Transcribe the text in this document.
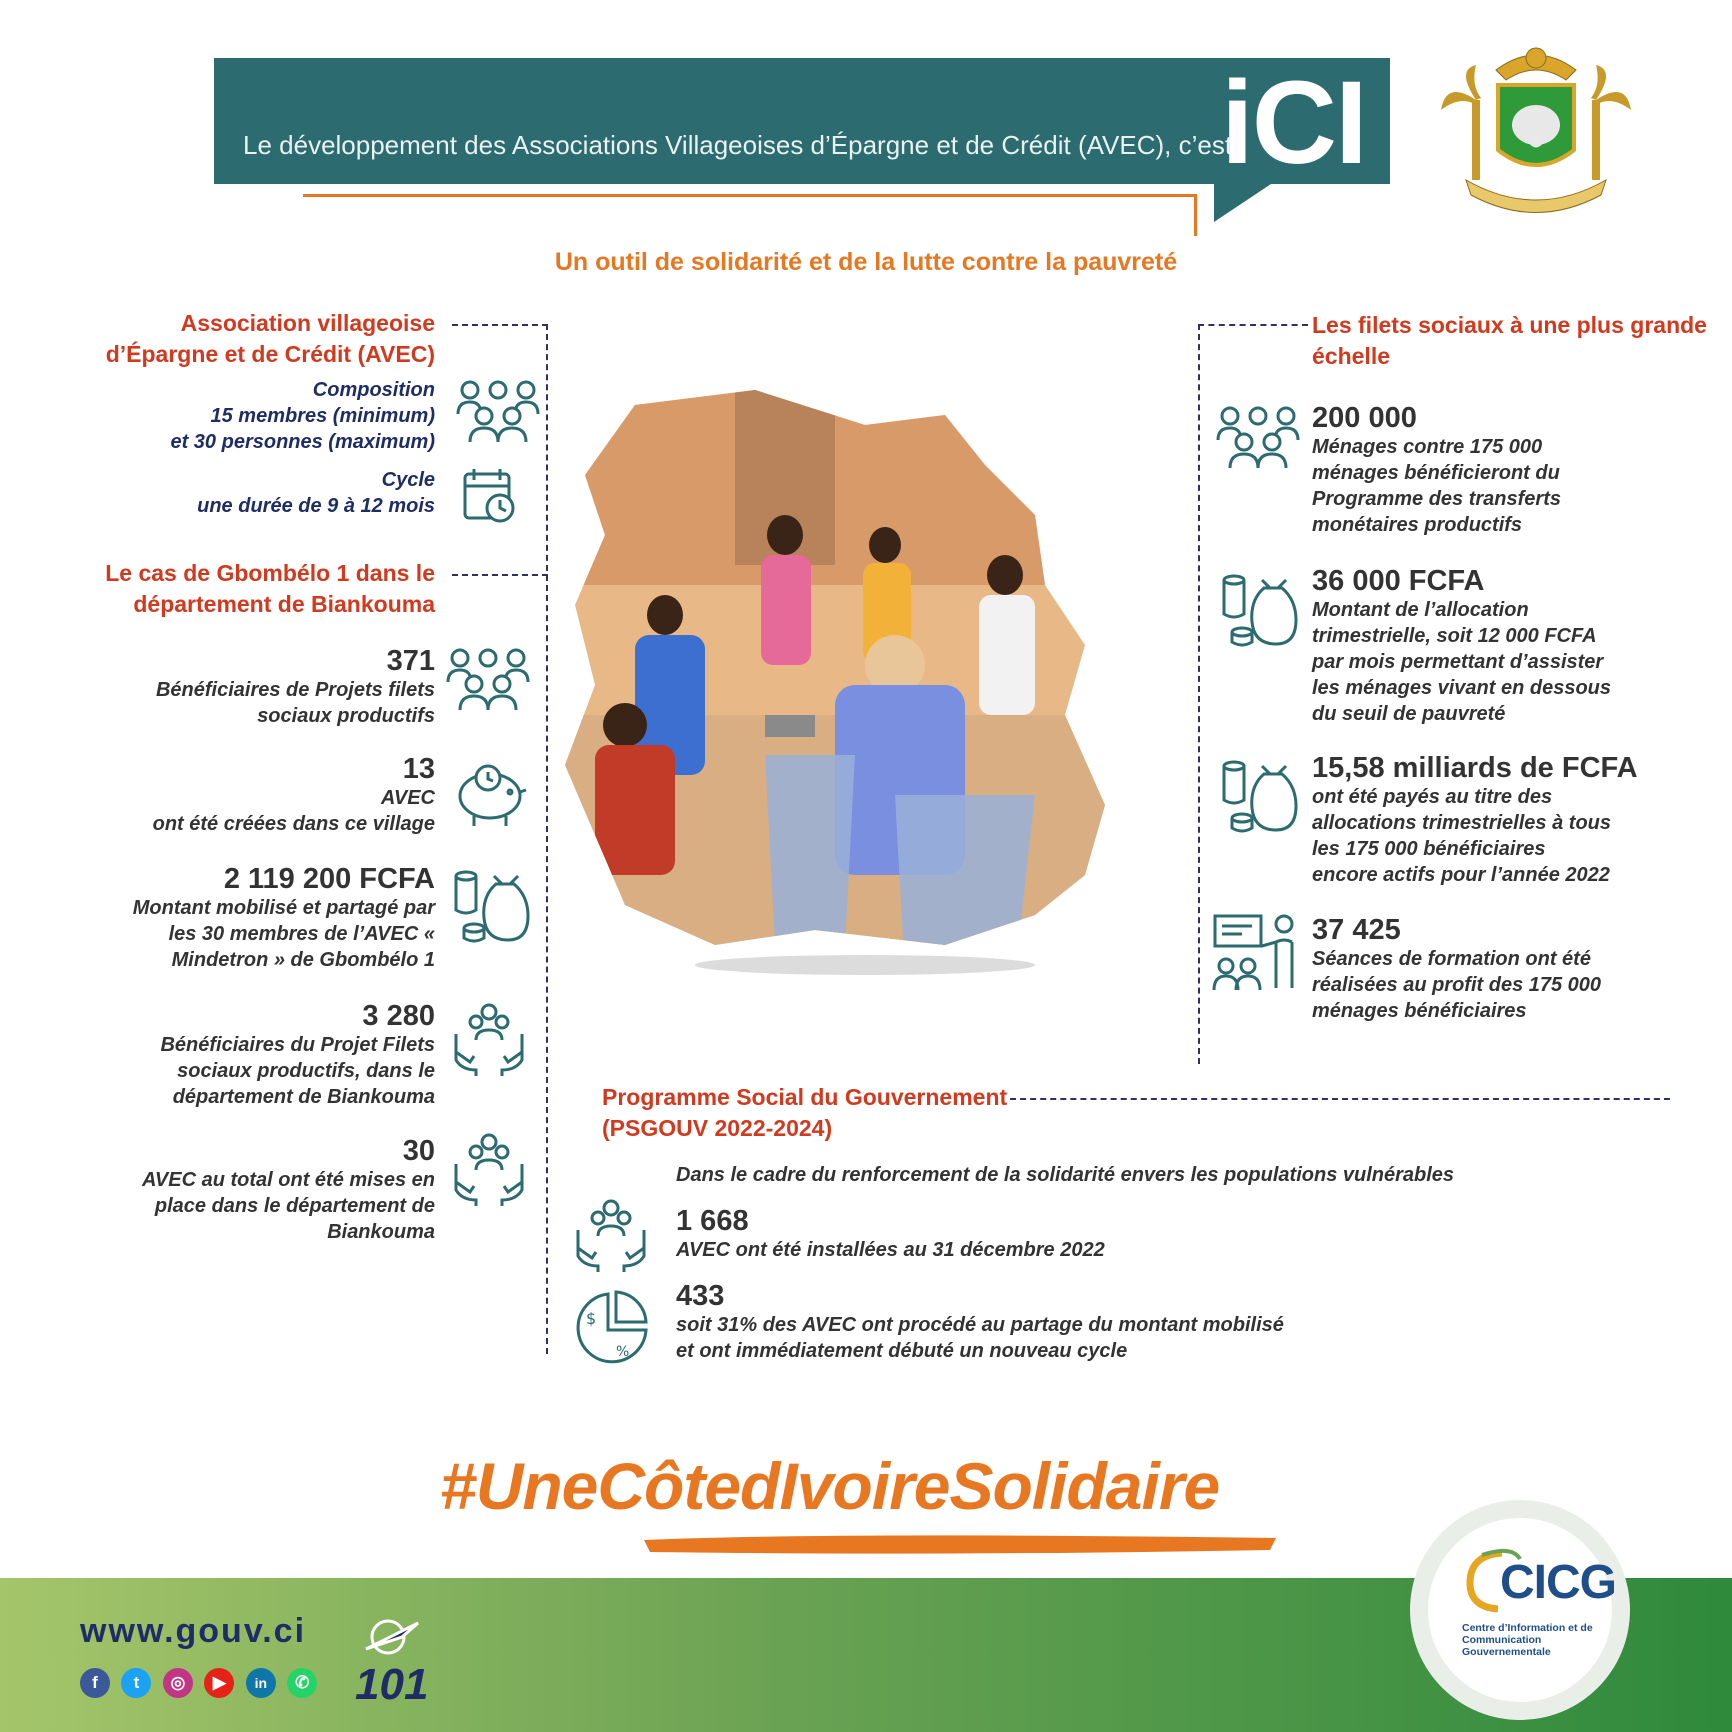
Le développement des Associations Villageoises d’Épargne et de Crédit (AVEC), c’est
iCI
Un outil de solidarité et de la lutte contre la pauvreté
Association villageoise
d’Épargne et de Crédit (AVEC)
Composition
15 membres (minimum)
et 30 personnes (maximum)
Cycle
une durée de 9 à 12 mois
Le cas de Gbombélo 1 dans le
département de Biankouma
371
Bénéficiaires de Projets filets
sociaux productifs
13
AVEC
ont été créées dans ce village
2 119 200 FCFA
Montant mobilisé et partagé par
les 30 membres de l’AVEC «
Mindetron » de Gbombélo 1
3 280
Bénéficiaires du Projet Filets
sociaux productifs, dans le
département de Biankouma
30
AVEC au total ont été mises en
place dans le département de
Biankouma
Les filets sociaux à une plus grande
échelle
200 000
Ménages contre 175 000
ménages bénéficieront du
Programme des transferts
monétaires productifs
36 000 FCFA
Montant de l’allocation
trimestrielle, soit 12 000 FCFA
par mois permettant d’assister
les ménages vivant en dessous
du seuil de pauvreté
15,58 milliards de FCFA
ont été payés au titre des
allocations trimestrielles à tous
les 175 000 bénéficiaires
encore actifs pour l’année 2022
37 425
Séances de formation ont été
réalisées au profit des 175 000
ménages bénéficiaires
Programme Social du Gouvernement
(PSGOUV 2022-2024)
Dans le cadre du renforcement de la solidarité envers les populations vulnérables
1 668
AVEC ont été installées au 31 décembre 2022
$
%
433
soit 31% des AVEC ont procédé au partage du montant mobilisé
et ont immédiatement débuté un nouveau cycle
#UneCôtedIvoireSolidaire
www.gouv.ci
f t ◎ ▶ in ✆	101
CICG
Centre d’Information et de Communication Gouvernementale
